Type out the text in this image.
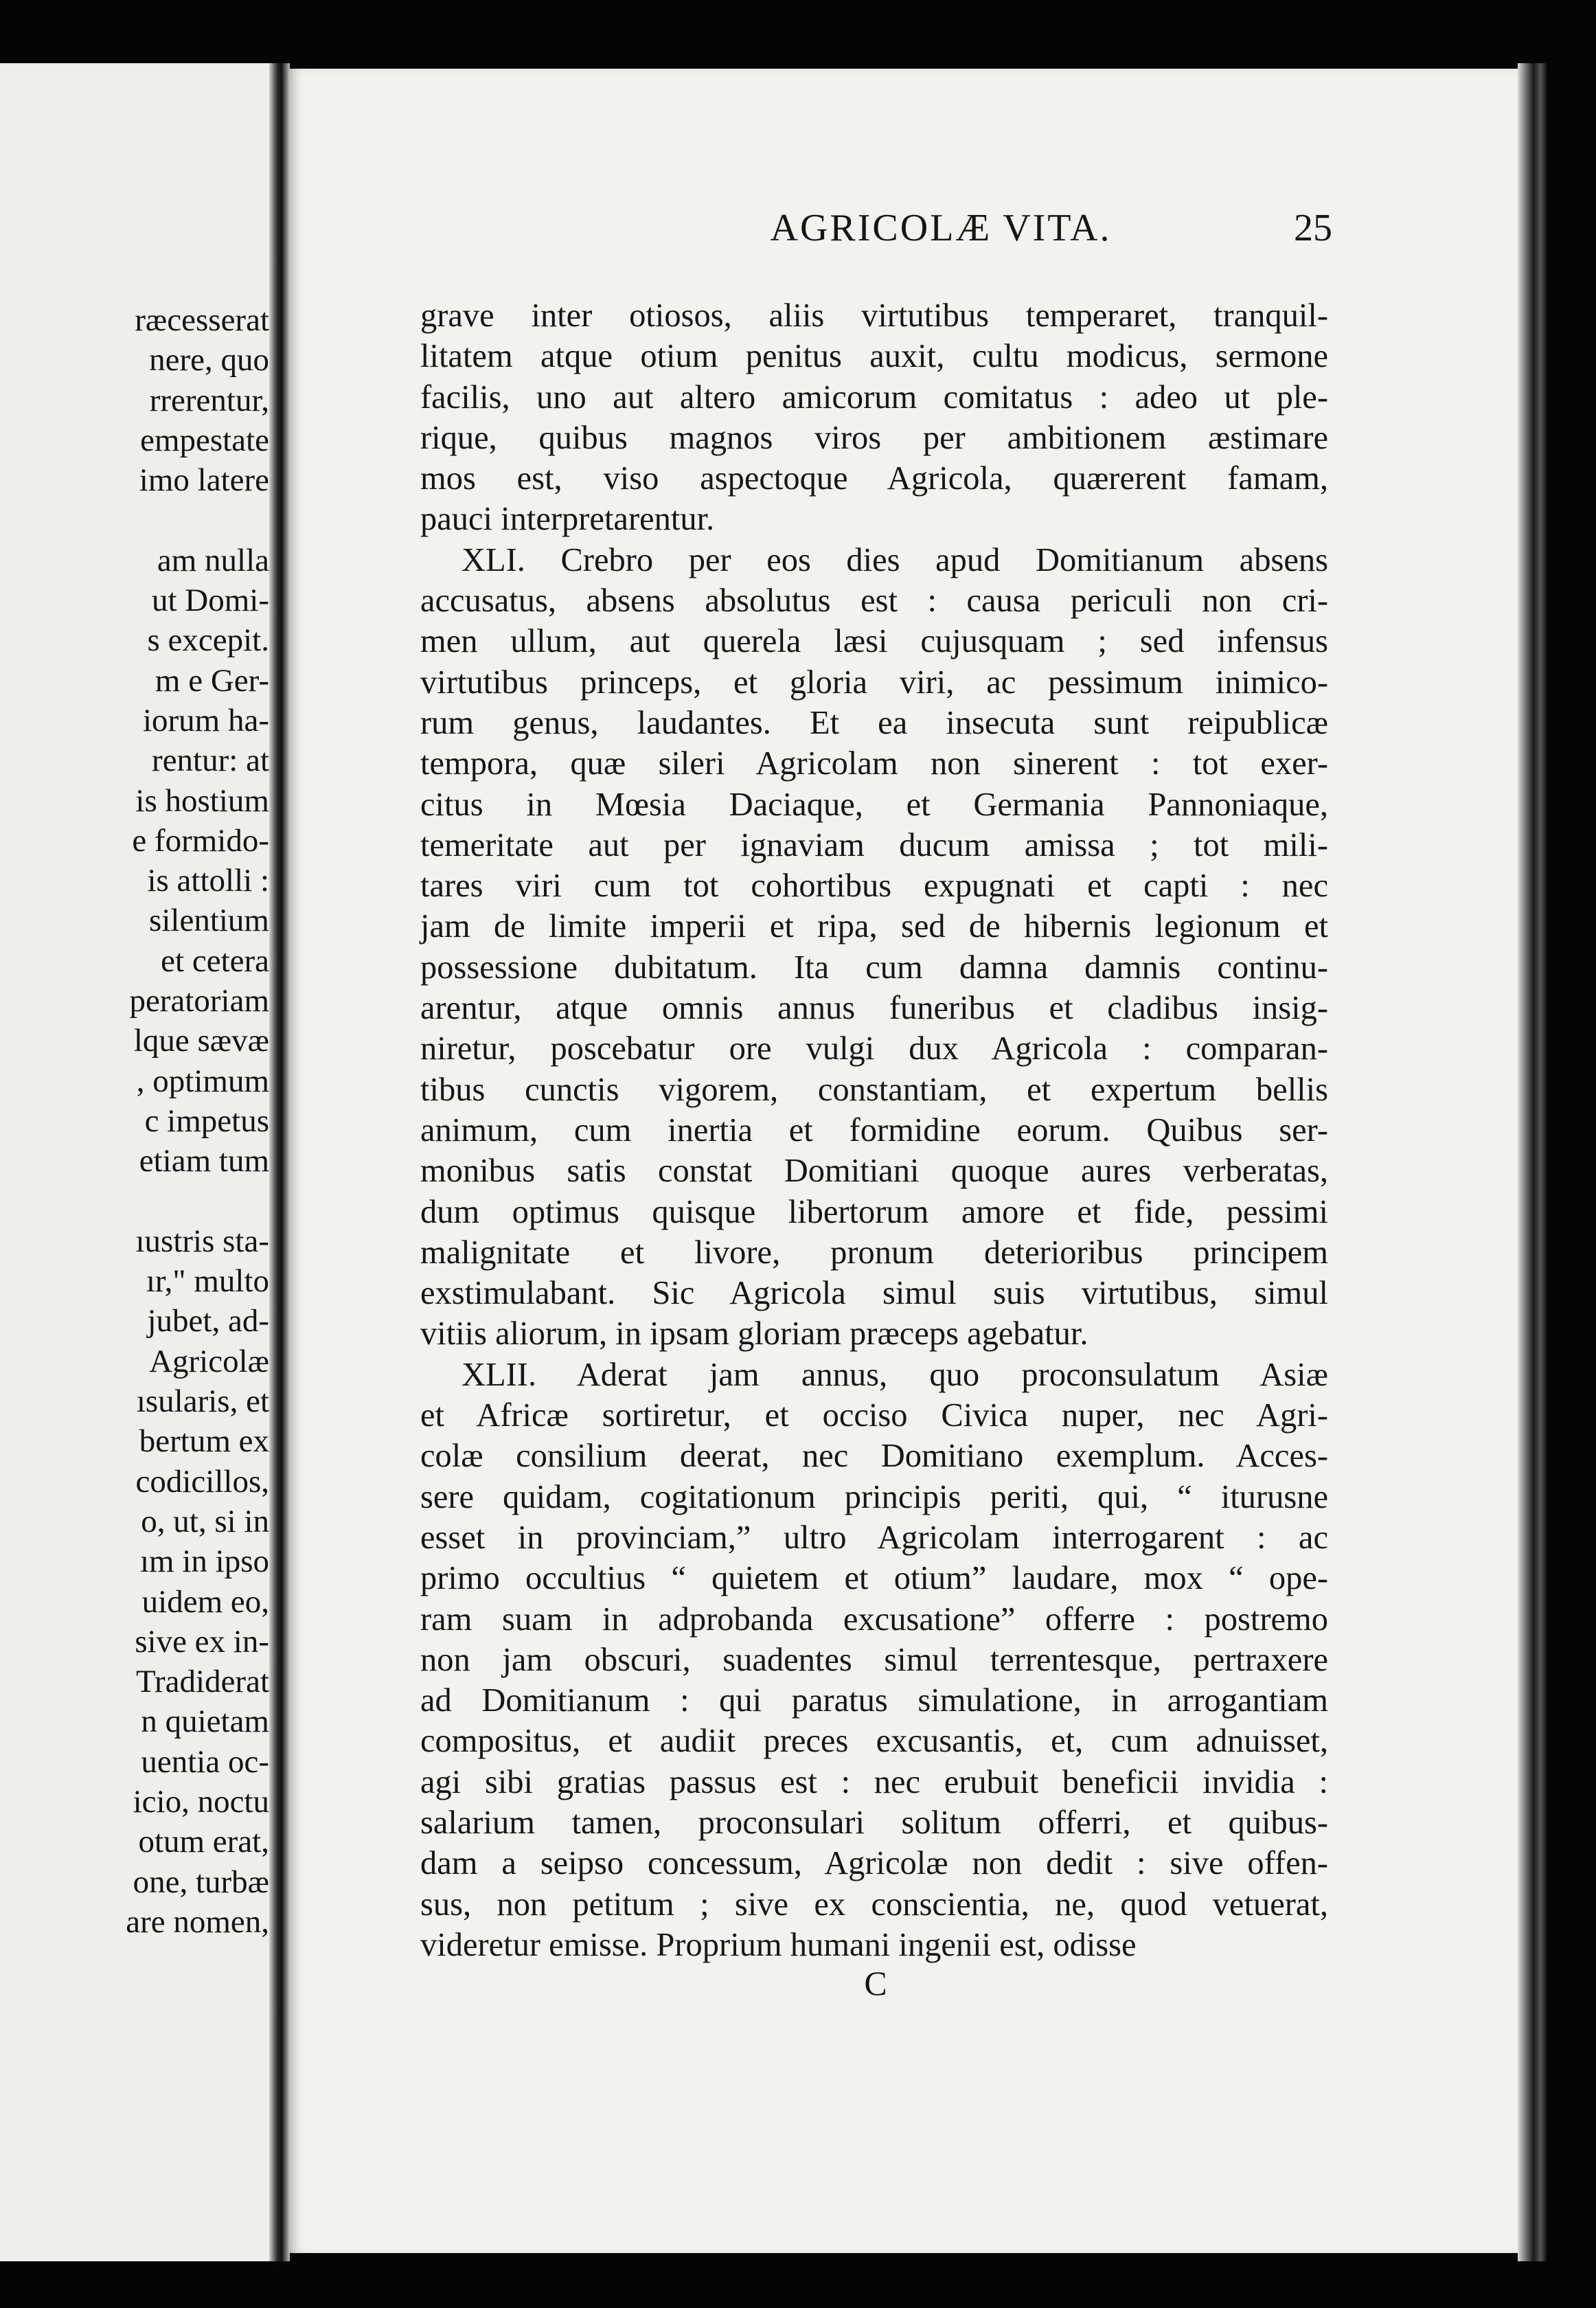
ræcesserat
nere, quo
rrerentur,
empestate
imo latere
am nulla
ut Domi-
s excepit.
m e Ger-
iorum ha-
rentur: at
is hostium
e formido-
is attolli :
silentium
et cetera
peratoriam
lque sævæ
, optimum
c impetus
etiam tum
ıustris sta-
ır," multo
jubet, ad-
Agricolæ
ısularis, et
bertum ex
codicillos,
o, ut, si in
ım in ipso
uidem eo,
sive ex in-
Tradiderat
n quietam
uentia oc-
icio, noctu
otum erat,
one, turbæ
are nomen,
AGRICOLÆ VITA.	25
grave inter otiosos, aliis virtutibus temperaret, tranquil-
litatem atque otium penitus auxit, cultu modicus, sermone
facilis, uno aut altero amicorum comitatus : adeo ut ple-
rique, quibus magnos viros per ambitionem æstimare
mos est, viso aspectoque Agricola, quærerent famam,
pauci interpretarentur.
XLI. Crebro per eos dies apud Domitianum absens
accusatus, absens absolutus est : causa periculi non cri-
men ullum, aut querela læsi cujusquam ; sed infensus
virtutibus princeps, et gloria viri, ac pessimum inimico-
rum genus, laudantes. Et ea insecuta sunt reipublicæ
tempora, quæ sileri Agricolam non sinerent : tot exer-
citus in Mœsia Daciaque, et Germania Pannoniaque,
temeritate aut per ignaviam ducum amissa ; tot mili-
tares viri cum tot cohortibus expugnati et capti : nec
jam de limite imperii et ripa, sed de hibernis legionum et
possessione dubitatum. Ita cum damna damnis continu-
arentur, atque omnis annus funeribus et cladibus insig-
niretur, poscebatur ore vulgi dux Agricola : comparan-
tibus cunctis vigorem, constantiam, et expertum bellis
animum, cum inertia et formidine eorum. Quibus ser-
monibus satis constat Domitiani quoque aures verberatas,
dum optimus quisque libertorum amore et fide, pessimi
malignitate et livore, pronum deterioribus principem
exstimulabant. Sic Agricola simul suis virtutibus, simul
vitiis aliorum, in ipsam gloriam præceps agebatur.
XLII. Aderat jam annus, quo proconsulatum Asiæ
et Africæ sortiretur, et occiso Civica nuper, nec Agri-
colæ consilium deerat, nec Domitiano exemplum. Acces-
sere quidam, cogitationum principis periti, qui, “ iturusne
esset in provinciam,” ultro Agricolam interrogarent : ac
primo occultius “ quietem et otium” laudare, mox “ ope-
ram suam in adprobanda excusatione” offerre : postremo
non jam obscuri, suadentes simul terrentesque, pertraxere
ad Domitianum : qui paratus simulatione, in arrogantiam
compositus, et audiit preces excusantis, et, cum adnuisset,
agi sibi gratias passus est : nec erubuit beneficii invidia :
salarium tamen, proconsulari solitum offerri, et quibus-
dam a seipso concessum, Agricolæ non dedit : sive offen-
sus, non petitum ; sive ex conscientia, ne, quod vetuerat,
videretur emisse. Proprium humani ingenii est, odisse
C
